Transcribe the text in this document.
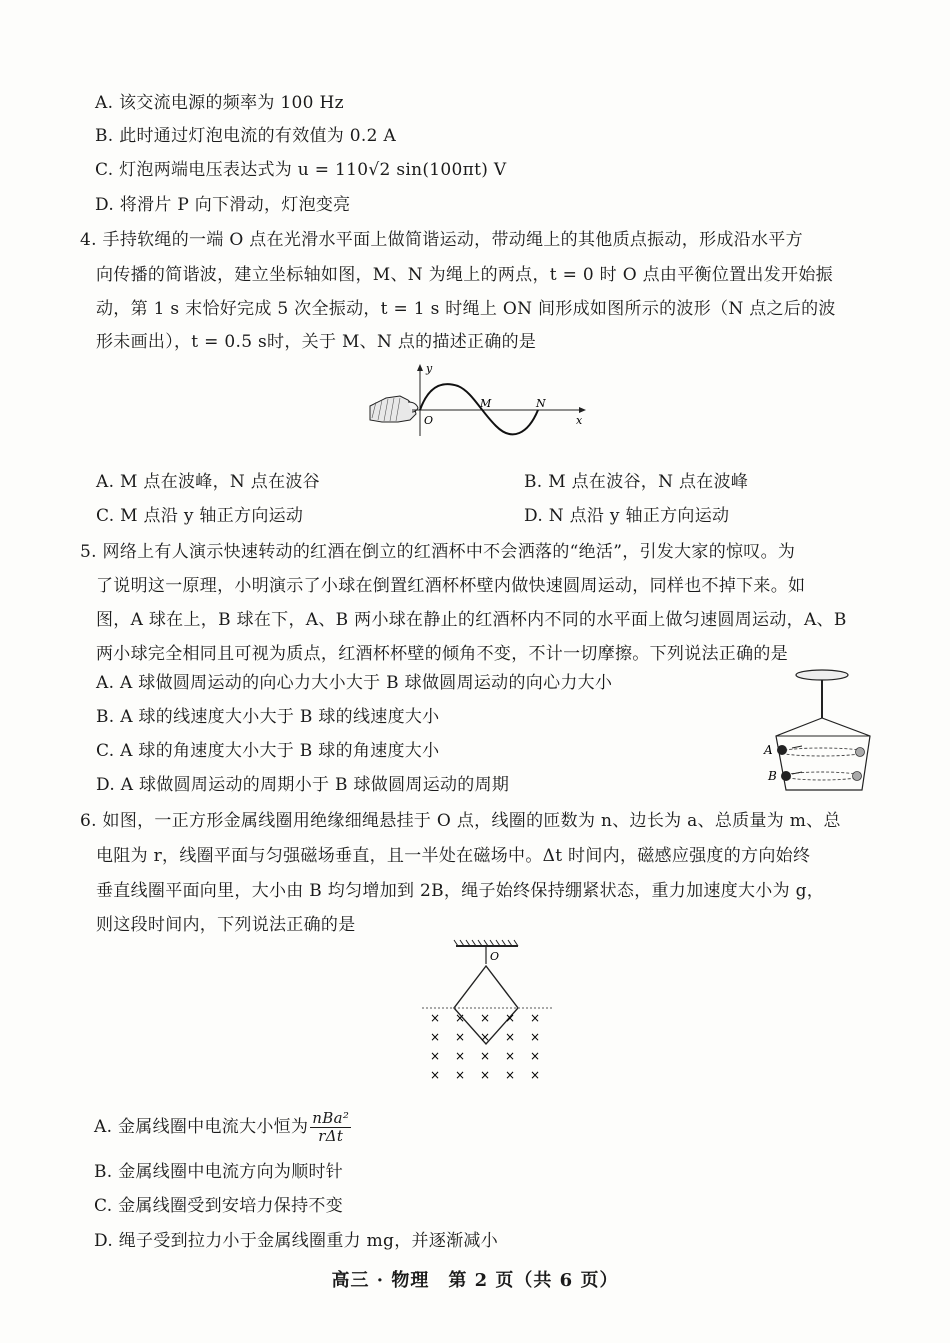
A. 该交流电源的频率为 100 Hz
B. 此时通过灯泡电流的有效值为 0.2 A
C. 灯泡两端电压表达式为 u = 110√2 sin(100πt) V
D. 将滑片 P 向下滑动，灯泡变亮
4. 手持软绳的一端 O 点在光滑水平面上做简谐运动，带动绳上的其他质点振动，形成沿水平方
向传播的简谐波，建立坐标轴如图，M、N 为绳上的两点，t = 0 时 O 点由平衡位置出发开始振
动，第 1 s 末恰好完成 5 次全振动，t = 1 s 时绳上 ON 间形成如图所示的波形（N 点之后的波
形未画出），t = 0.5 s时，关于 M、N 点的描述正确的是
y
x
O
M	N
A. M 点在波峰，N 点在波谷	B. M 点在波谷，N 点在波峰
C. M 点沿 y 轴正方向运动	D. N 点沿 y 轴正方向运动
5. 网络上有人演示快速转动的红酒在倒立的红酒杯中不会洒落的“绝活”，引发大家的惊叹。为
了说明这一原理，小明演示了小球在倒置红酒杯杯壁内做快速圆周运动，同样也不掉下来。如
图，A 球在上，B 球在下，A、B 两小球在静止的红酒杯内不同的水平面上做匀速圆周运动，A、B
两小球完全相同且可视为质点，红酒杯杯壁的倾角不变，不计一切摩擦。下列说法正确的是
A. A 球做圆周运动的向心力大小大于 B 球做圆周运动的向心力大小
B. A 球的线速度大小大于 B 球的线速度大小
C. A 球的角速度大小大于 B 球的角速度大小
D. A 球做圆周运动的周期小于 B 球做圆周运动的周期
A
B
6. 如图，一正方形金属线圈用绝缘细绳悬挂于 O 点，线圈的匝数为 n、边长为 a、总质量为 m、总
电阻为 r，线圈平面与匀强磁场垂直，且一半处在磁场中。Δt 时间内，磁感应强度的方向始终
垂直线圈平面向里，大小由 B 均匀增加到 2B，绳子始终保持绷紧状态，重力加速度大小为 g，
则这段时间内，下列说法正确的是
O
× × × × ×
× × × × ×
× × × × ×
× × × × ×
A. 金属线圈中电流大小恒为 $\frac{\text{nBa²}}{\text{rΔt}}$
B. 金属线圈中电流方向为顺时针
C. 金属线圈受到安培力保持不变
D. 绳子受到拉力小于金属线圈重力 mg，并逐渐减小
高三 · 物理　第 2 页（共 6 页）
